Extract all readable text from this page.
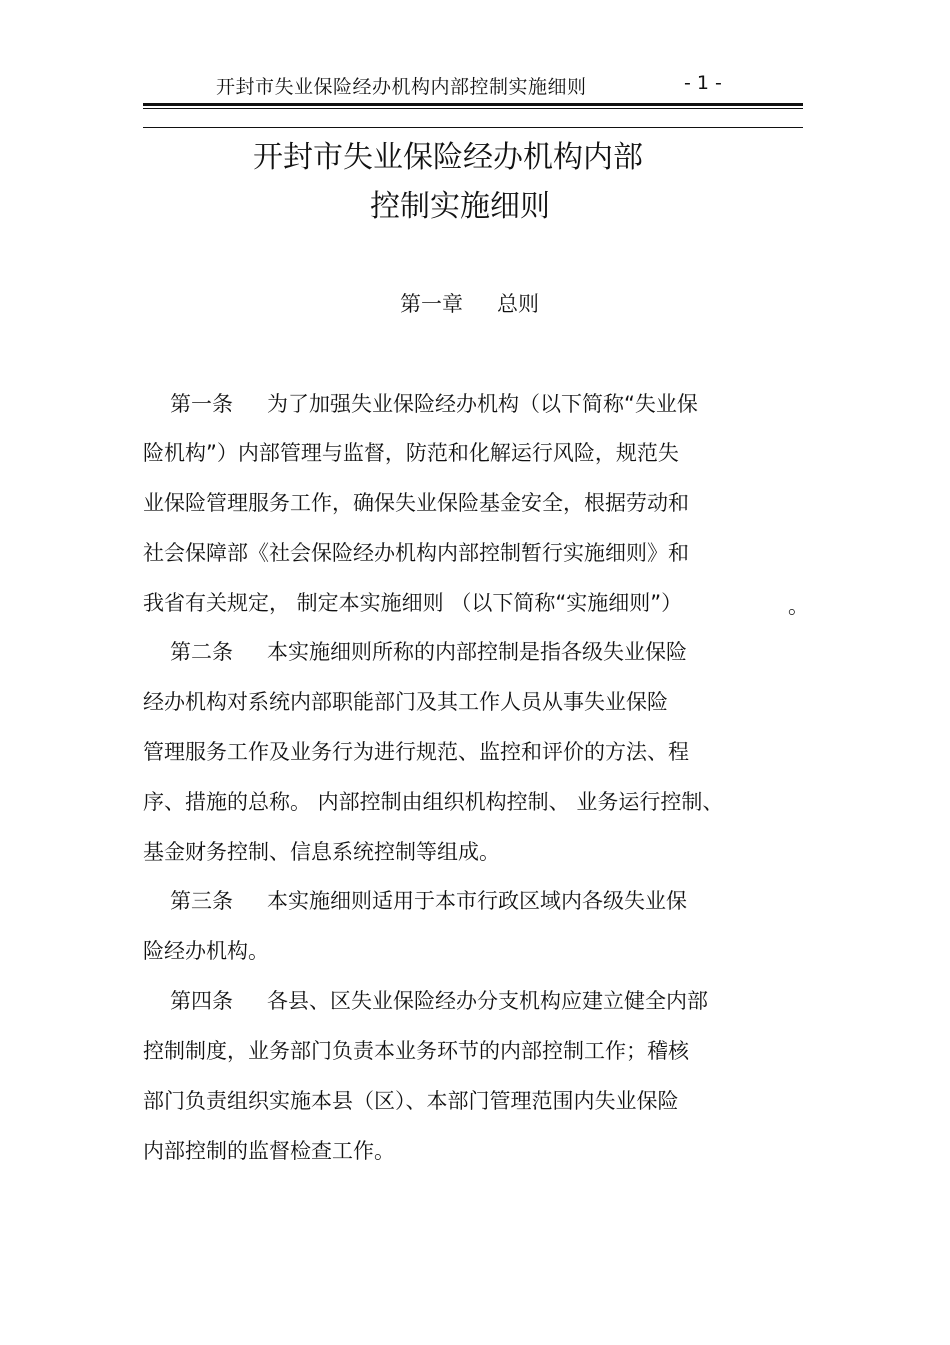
开封市失业保险经办机构内部控制实施细则	- 1 -
开封市失业保险经办机构内部
控制实施细则
第一章 总则
第一条 为了加强失业保险经办机构（以下简称“失业保
险机构”）内部管理与监督，防范和化解运行风险，规范失
业保险管理服务工作，确保失业保险基金安全，根据劳动和
社会保障部《社会保险经办机构内部控制暂行实施细则》和
我省有关规定， 制定本实施细则 （以下简称“实施细则”）	。
第二条 本实施细则所称的内部控制是指各级失业保险
经办机构对系统内部职能部门及其工作人员从事失业保险
管理服务工作及业务行为进行规范、监控和评价的方法、程
序、措施的总称。 内部控制由组织机构控制、 业务运行控制、
基金财务控制、信息系统控制等组成。
第三条 本实施细则适用于本市行政区域内各级失业保
险经办机构。
第四条 各县、区失业保险经办分支机构应建立健全内部
控制制度，业务部门负责本业务环节的内部控制工作；稽核
部门负责组织实施本县（区）、本部门管理范围内失业保险
内部控制的监督检查工作。
